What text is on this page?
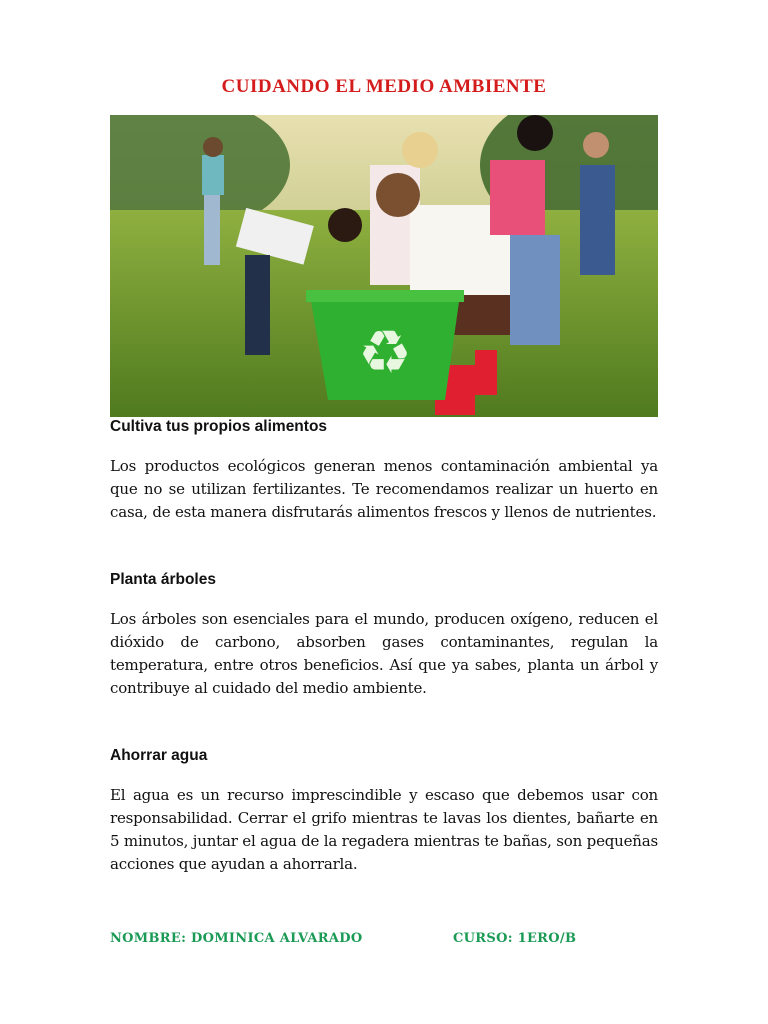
CUIDANDO EL MEDIO AMBIENTE
♻
Cultiva tus propios alimentos
Los productos ecológicos generan menos contaminación ambiental ya que no se utilizan fertilizantes. Te recomendamos realizar un huerto en casa, de esta manera disfrutarás alimentos frescos y llenos de nutrientes.
Planta árboles
Los árboles son esenciales para el mundo, producen oxígeno, reducen el dióxido de carbono, absorben gases contaminantes, regulan la temperatura, entre otros beneficios. Así que ya sabes, planta un árbol y contribuye al cuidado del medio ambiente.
Ahorrar agua
El agua es un recurso imprescindible y escaso que debemos usar con responsabilidad. Cerrar el grifo mientras te lavas los dientes, bañarte en 5 minutos, juntar el agua de la regadera mientras te bañas, son pequeñas acciones que ayudan a ahorrarla.
NOMBRE: DOMINICA ALVARADO	CURSO: 1ERO/B
